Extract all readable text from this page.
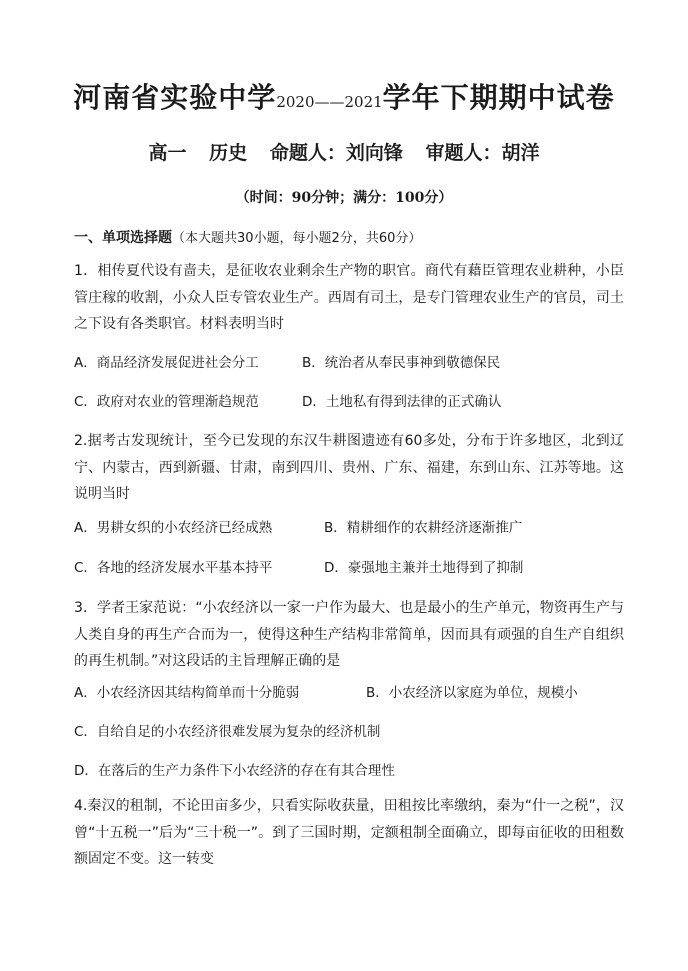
河南省实验中学2020——2021学年下期期中试卷
高一 历史 命题人：刘向锋 审题人：胡洋
（时间：90分钟；满分：100分）
一、单项选择题（本大题共30小题，每小题2分，共60分）
1．相传夏代设有啬夫，是征收农业剩余生产物的职官。商代有藉臣管理农业耕种，小臣管庄稼的收割，小众人臣专管农业生产。西周有司土，是专门管理农业生产的官员，司土之下设有各类职官。材料表明当时
A．商品经济发展促进社会分工	B．统治者从奉民事神到敬德保民
C．政府对农业的管理渐趋规范	D．土地私有得到法律的正式确认
2.据考古发现统计，至今已发现的东汉牛耕图遗迹有60多处，分布于许多地区，北到辽宁、内蒙古，西到新疆、甘肃，南到四川、贵州、广东、福建，东到山东、江苏等地。这说明当时
A．男耕女织的小农经济已经成熟	B．精耕细作的农耕经济逐渐推广
C．各地的经济发展水平基本持平	D．豪强地主兼并土地得到了抑制
3．学者王家范说：“小农经济以一家一户作为最大、也是最小的生产单元，物资再生产与人类自身的再生产合而为一，使得这种生产结构非常简单，因而具有顽强的自生产自组织的再生机制。”对这段话的主旨理解正确的是
A．小农经济因其结构简单而十分脆弱	B．小农经济以家庭为单位，规模小
C．自给自足的小农经济很难发展为复杂的经济机制
D．在落后的生产力条件下小农经济的存在有其合理性
4.秦汉的租制，不论田亩多少，只看实际收获量，田租按比率缴纳，秦为“什一之税”，汉曾“十五税一”后为“三十税一”。到了三国时期，定额租制全面确立，即每亩征收的田租数额固定不变。这一转变
